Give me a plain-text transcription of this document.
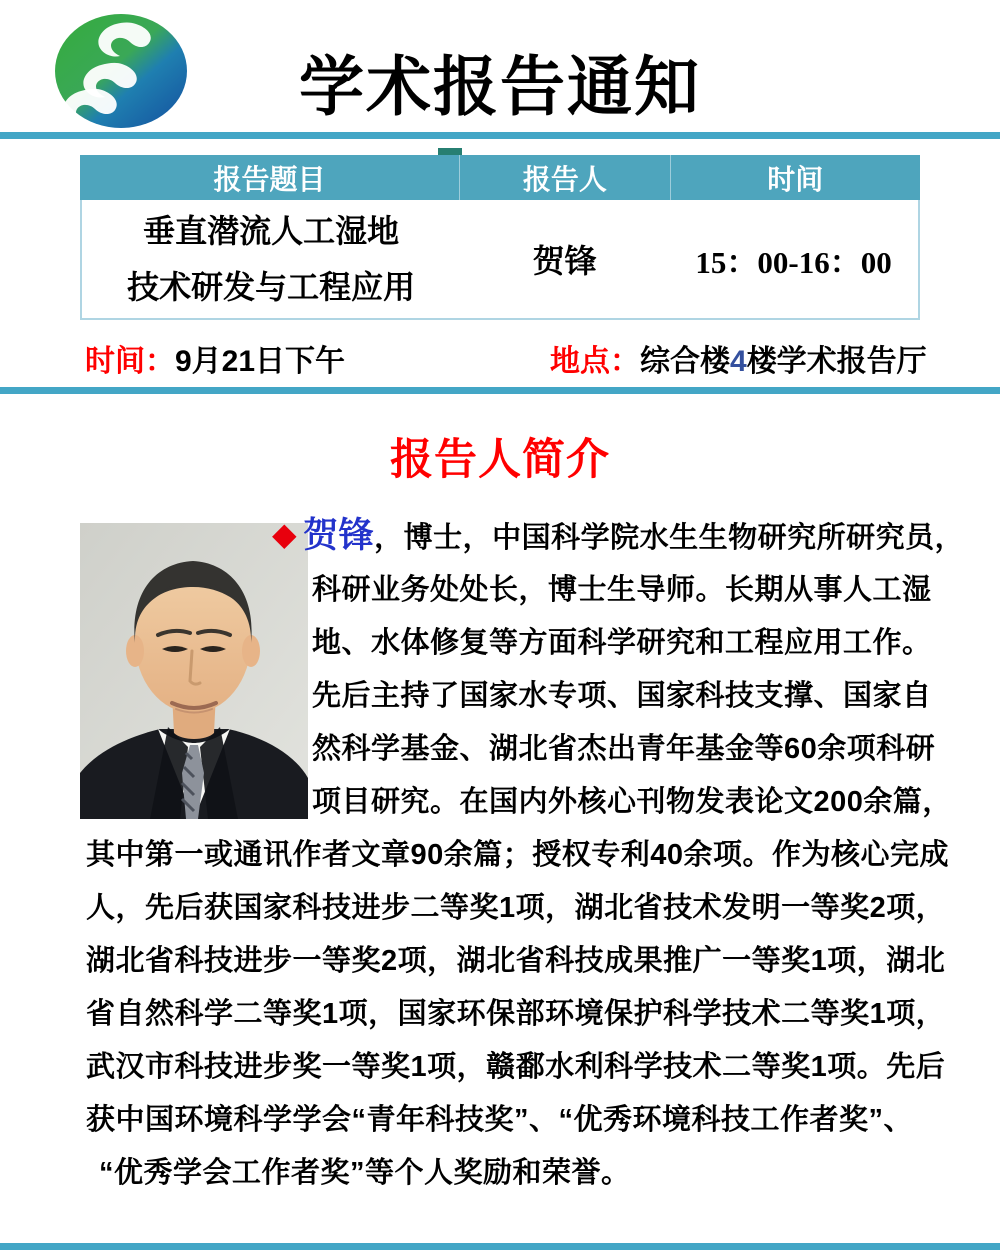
学术报告通知
报告题目	报告人	时间
垂直潜流人工湿地
技术研发与工程应用
贺锋	15：00-16：00
时间：9月21日下午	地点：综合楼4楼学术报告厅
报告人简介
◆ 贺锋，博士，中国科学院水生生物研究所研究员，
科研业务处处长，博士生导师。长期从事人工湿
地、水体修复等方面科学研究和工程应用工作。
先后主持了国家水专项、国家科技支撑、国家自
然科学基金、湖北省杰出青年基金等60余项科研
项目研究。在国内外核心刊物发表论文200余篇，
其中第一或通讯作者文章90余篇；授权专利40余项。作为核心完成
人，先后获国家科技进步二等奖1项，湖北省技术发明一等奖2项，
湖北省科技进步一等奖2项，湖北省科技成果推广一等奖1项，湖北
省自然科学二等奖1项，国家环保部环境保护科学技术二等奖1项，
武汉市科技进步奖一等奖1项，赣鄱水利科学技术二等奖1项。先后
获中国环境科学学会“青年科技奖”、“优秀环境科技工作者奖”、
“优秀学会工作者奖”等个人奖励和荣誉。
